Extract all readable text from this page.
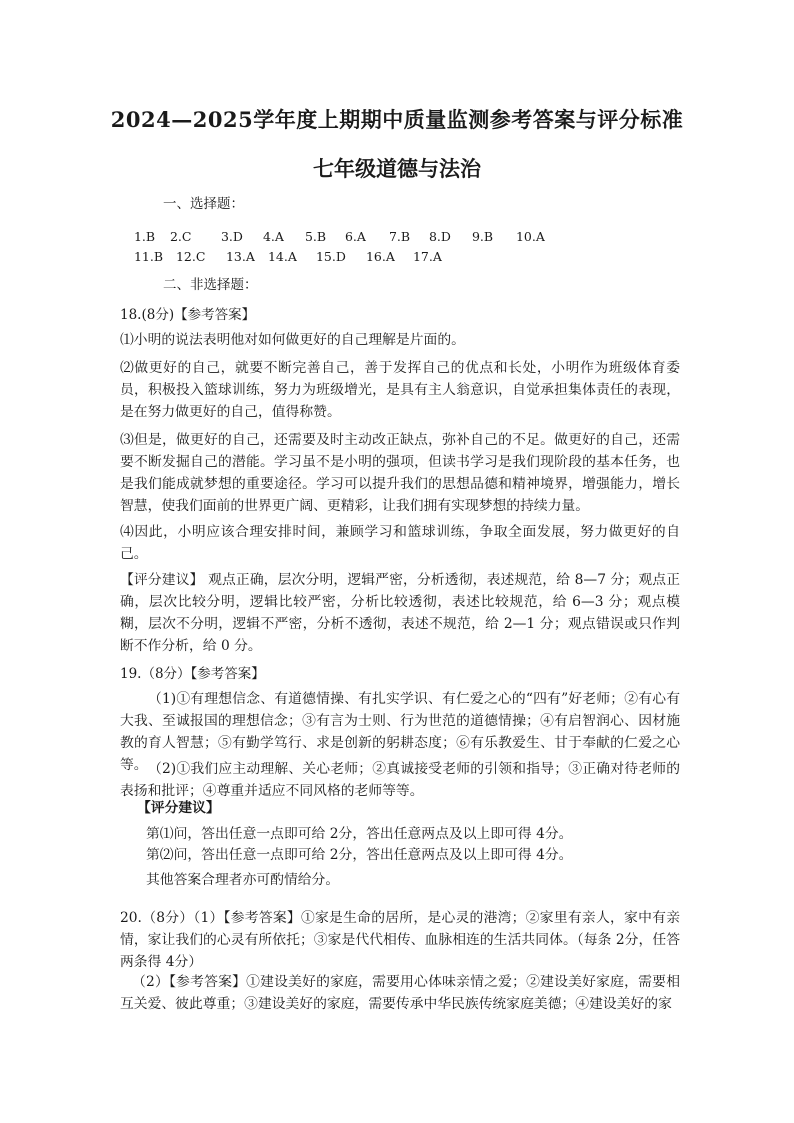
2024—2025学年度上期期中质量监测参考答案与评分标准
七年级道德与法治
一、选择题：

1.B 2.C 3.D 4.A 5.B 6.A 7.B 8.D 9.B 10.A

11.B 12.C 13.A 14.A 15.D 16.A 17.A

二、非选择题：
18.(8分)【参考答案】
⑴小明的说法表明他对如何做更好的自己理解是片面的。
⑵做更好的自己，就要不断完善自己，善于发挥自己的优点和长处，小明作为班级体育委员，积极投入篮球训练，努力为班级增光，是具有主人翁意识，自觉承担集体责任的表现，是在努力做更好的自己，值得称赞。
⑶但是，做更好的自己，还需要及时主动改正缺点，弥补自己的不足。做更好的自己，还需要不断发掘自己的潜能。学习虽不是小明的强项，但读书学习是我们现阶段的基本任务，也是我们能成就梦想的重要途径。学习可以提升我们的思想品德和精神境界，增强能力，增长智慧，使我们面前的世界更广阔、更精彩，让我们拥有实现梦想的持续力量。
⑷因此，小明应该合理安排时间，兼顾学习和篮球训练，争取全面发展，努力做更好的自己。
【评分建议】 观点正确，层次分明，逻辑严密，分析透彻，表述规范，给 8—7 分；观点正确，层次比较分明，逻辑比较严密，分析比较透彻，表述比较规范，给 6—3 分；观点模糊，层次不分明，逻辑不严密，分析不透彻，表述不规范，给 2—1 分；观点错误或只作判断不作分析，给 0 分。
19.（8分）【参考答案】
（1)①有理想信念、有道德情操、有扎实学识、有仁爱之心的“四有”好老师；②有心有大我、至诚报国的理想信念；③有言为士则、行为世范的道德情操；④有启智润心、因材施教的育人智慧；⑤有勤学笃行、求是创新的躬耕态度；⑥有乐教爱生、甘于奉献的仁爱之心等。 （2)①我们应主动理解、关心老师；②真诚接受老师的引领和指导；③正确对待老师的表扬和批评；④尊重并适应不同风格的老师等等。
【评分建议】
第⑴问，答出任意一点即可给 2分，答出任意两点及以上即可得 4分。
第⑵问，答出任意一点即可给 2分，答出任意两点及以上即可得 4分。
其他答案合理者亦可酌情给分。
20.（8分）（1）【参考答案】①家是生命的居所，是心灵的港湾；②家里有亲人，家中有亲情，家让我们的心灵有所依托；③家是代代相传、血脉相连的生活共同体。（每条 2分，任答两条得 4分）
（2）【参考答案】①建设美好的家庭，需要用心体味亲情之爱；②建设美好家庭，需要相互关爱、彼此尊重；③建设美好的家庭，需要传承中华民族传统家庭美德；④建设美好的家
